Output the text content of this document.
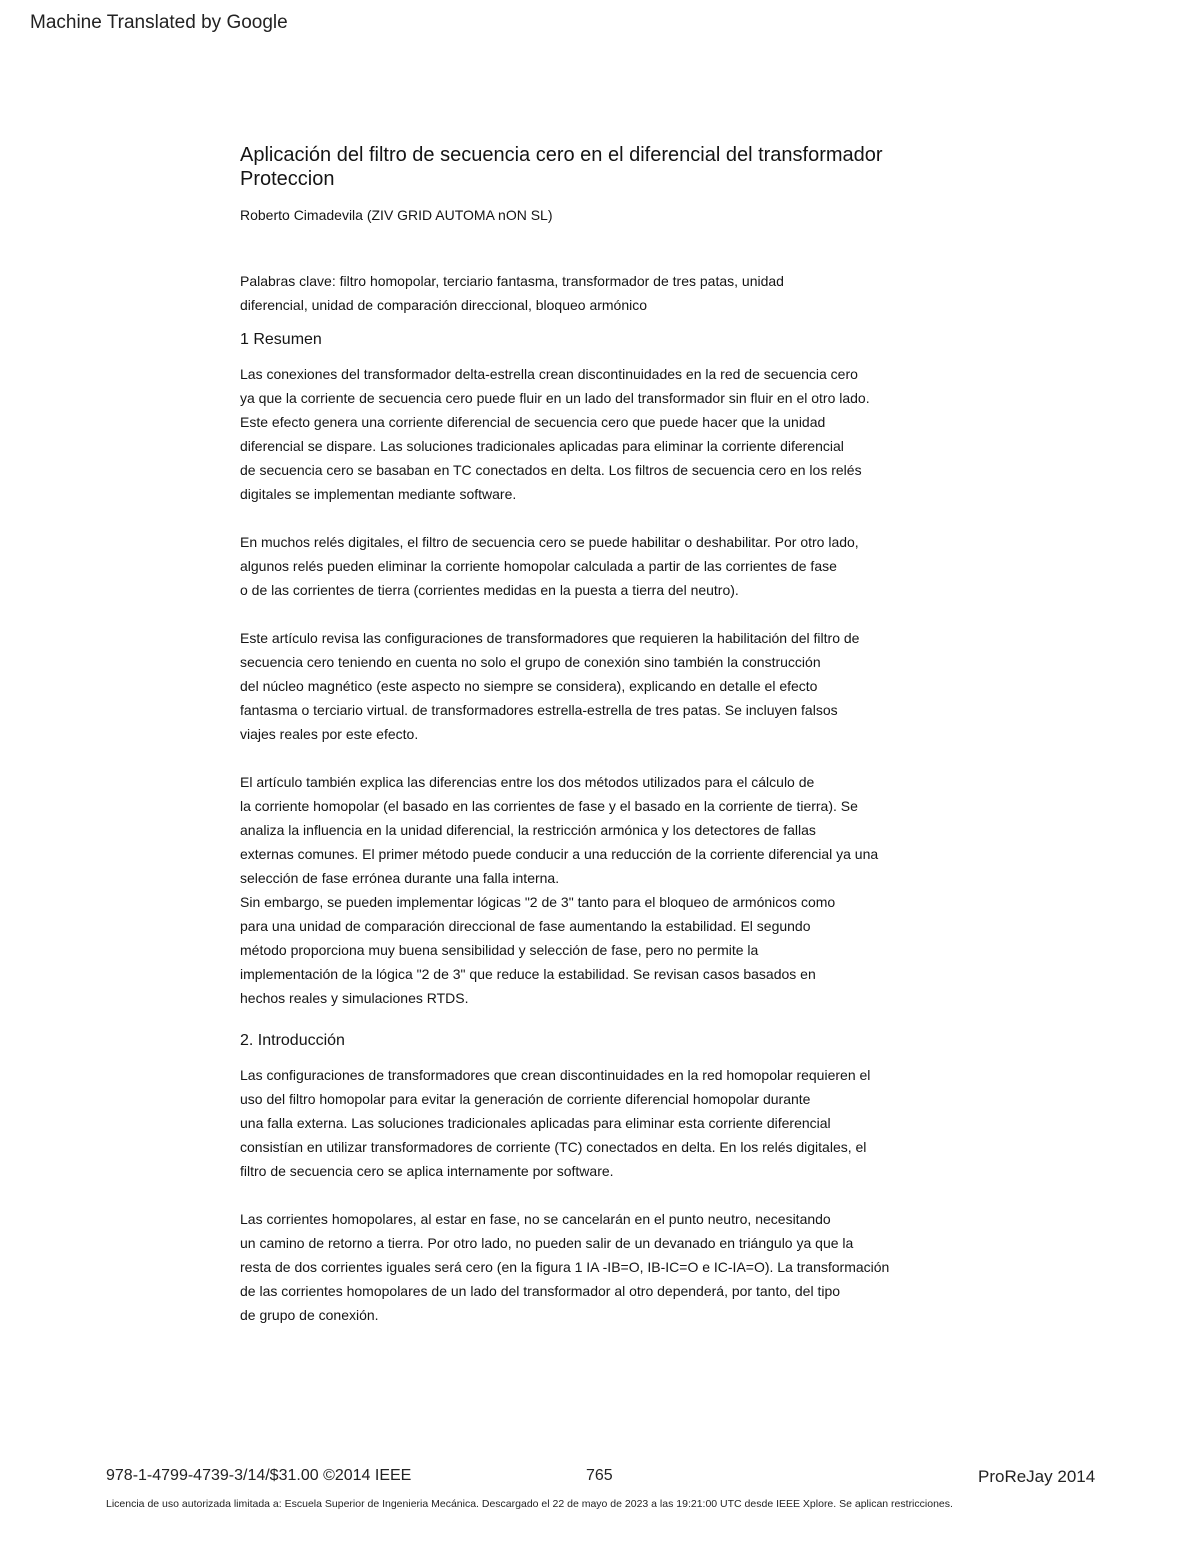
Machine Translated by Google
Aplicación del filtro de secuencia cero en el diferencial del transformador
Proteccion
Roberto Cimadevila (ZIV GRID AUTOMA nON SL)
Palabras clave: filtro homopolar, terciario fantasma, transformador de tres patas, unidad
diferencial, unidad de comparación direccional, bloqueo armónico
1 Resumen
Las conexiones del transformador delta-estrella crean discontinuidades en la red de secuencia cero
ya que la corriente de secuencia cero puede fluir en un lado del transformador sin fluir en el otro lado.
Este efecto genera una corriente diferencial de secuencia cero que puede hacer que la unidad
diferencial se dispare. Las soluciones tradicionales aplicadas para eliminar la corriente diferencial
de secuencia cero se basaban en TC conectados en delta. Los filtros de secuencia cero en los relés
digitales se implementan mediante software.
En muchos relés digitales, el filtro de secuencia cero se puede habilitar o deshabilitar. Por otro lado,
algunos relés pueden eliminar la corriente homopolar calculada a partir de las corrientes de fase
o de las corrientes de tierra (corrientes medidas en la puesta a tierra del neutro).
Este artículo revisa las configuraciones de transformadores que requieren la habilitación del filtro de
secuencia cero teniendo en cuenta no solo el grupo de conexión sino también la construcción
del núcleo magnético (este aspecto no siempre se considera), explicando en detalle el efecto
fantasma o terciario virtual. de transformadores estrella-estrella de tres patas. Se incluyen falsos
viajes reales por este efecto.
El artículo también explica las diferencias entre los dos métodos utilizados para el cálculo de
la corriente homopolar (el basado en las corrientes de fase y el basado en la corriente de tierra). Se
analiza la influencia en la unidad diferencial, la restricción armónica y los detectores de fallas
externas comunes. El primer método puede conducir a una reducción de la corriente diferencial ya una
selección de fase errónea durante una falla interna.
Sin embargo, se pueden implementar lógicas "2 de 3" tanto para el bloqueo de armónicos como
para una unidad de comparación direccional de fase aumentando la estabilidad. El segundo
método proporciona muy buena sensibilidad y selección de fase, pero no permite la
implementación de la lógica "2 de 3" que reduce la estabilidad. Se revisan casos basados en
hechos reales y simulaciones RTDS.
2. Introducción
Las configuraciones de transformadores que crean discontinuidades en la red homopolar requieren el
uso del filtro homopolar para evitar la generación de corriente diferencial homopolar durante
una falla externa. Las soluciones tradicionales aplicadas para eliminar esta corriente diferencial
consistían en utilizar transformadores de corriente (TC) conectados en delta. En los relés digitales, el
filtro de secuencia cero se aplica internamente por software.
Las corrientes homopolares, al estar en fase, no se cancelarán en el punto neutro, necesitando
un camino de retorno a tierra. Por otro lado, no pueden salir de un devanado en triángulo ya que la
resta de dos corrientes iguales será cero (en la figura 1 IA -IB=O, IB-IC=O e IC-IA=O). La transformación
de las corrientes homopolares de un lado del transformador al otro dependerá, por tanto, del tipo
de grupo de conexión.
978-1-4799-4739-3/14/$31.00 ©2014 IEEE	765	ProReJay 2014
Licencia de uso autorizada limitada a: Escuela Superior de Ingenieria Mecánica. Descargado el 22 de mayo de 2023 a las 19:21:00 UTC desde IEEE Xplore. Se aplican restricciones.
